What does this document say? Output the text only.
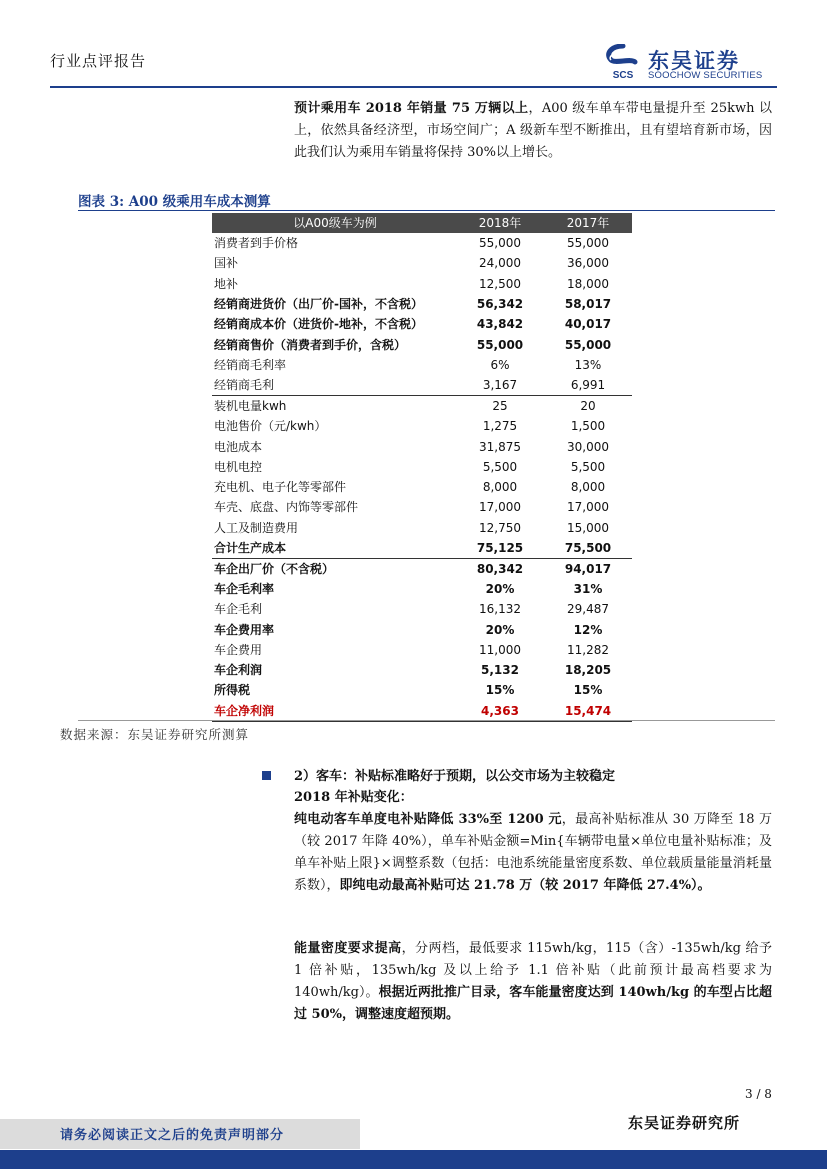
行业点评报告
SCS
东吴证券
SOOCHOW SECURITIES
预计乘用车 2018 年销量 75 万辆以上，A00 级车单车带电量提升至 25kwh 以上，依然具备经济型，市场空间广；A 级新车型不断推出，且有望培育新市场，因此我们认为乘用车销量将保持 30%以上增长。
图表 3: A00 级乘用车成本测算
以A00级车为例	2018年	2017年
消费者到手价格	55,000	55,000
国补	24,000	36,000
地补	12,500	18,000
经销商进货价（出厂价-国补，不含税）	56,342	58,017
经销商成本价（进货价-地补，不含税）	43,842	40,017
经销商售价（消费者到手价，含税）	55,000	55,000
经销商毛利率	6%	13%
经销商毛利	3,167	6,991
装机电量kwh	25	20
电池售价（元/kwh）	1,275	1,500
电池成本	31,875	30,000
电机电控	5,500	5,500
充电机、电子化等零部件	8,000	8,000
车壳、底盘、内饰等零部件	17,000	17,000
人工及制造费用	12,750	15,000
合计生产成本	75,125	75,500
车企出厂价（不含税）	80,342	94,017
车企毛利率	20%	31%
车企毛利	16,132	29,487
车企费用率	20%	12%
车企费用	11,000	11,282
车企利润	5,132	18,205
所得税	15%	15%
车企净利润	4,363	15,474
数据来源：东吴证券研究所测算
2）客车：补贴标准略好于预期，以公交市场为主较稳定
2018 年补贴变化：
纯电动客车单度电补贴降低 33%至 1200 元，最高补贴标准从 30 万降至 18 万（较 2017 年降 40%），单车补贴金额=Min{车辆带电量×单位电量补贴标准；及单车补贴上限}×调整系数（包括：电池系统能量密度系数、单位载质量能量消耗量系数），即纯电动最高补贴可达 21.78 万（较 2017 年降低 27.4%）。
能量密度要求提高，分两档，最低要求 115wh/kg，115（含）-135wh/kg 给予 1 倍补贴，135wh/kg 及以上给予 1.1 倍补贴（此前预计最高档要求为 140wh/kg）。根据近两批推广目录，客车能量密度达到 140wh/kg 的车型占比超过 50%，调整速度超预期。
3 / 8
东吴证券研究所
请务必阅读正文之后的免责声明部分
